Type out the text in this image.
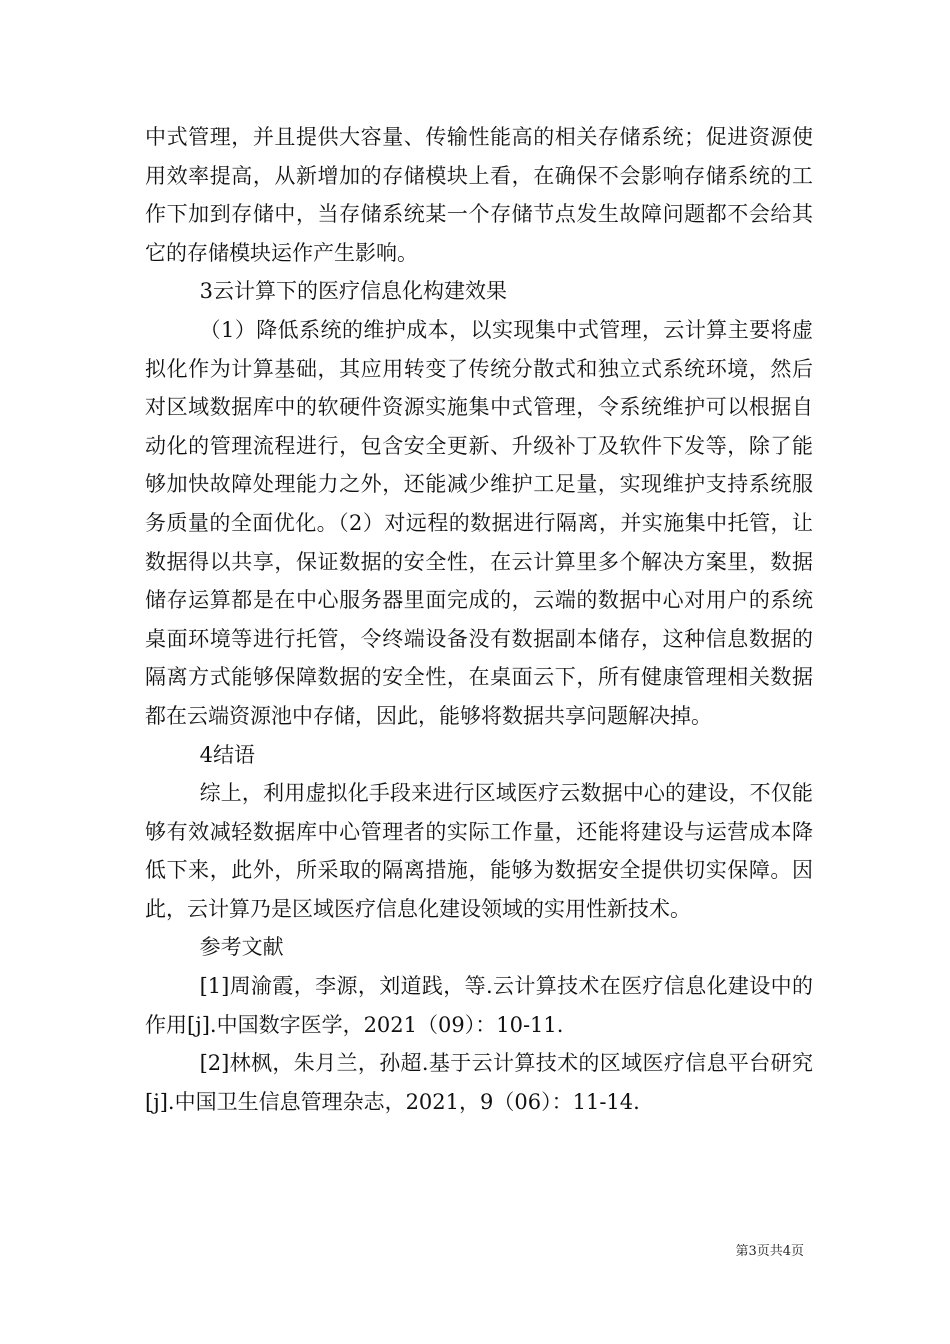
中式管理，并且提供大容量、传输性能高的相关存储系统；促进资源使用效率提高，从新增加的存储模块上看，在确保不会影响存储系统的工作下加到存储中，当存储系统某一个存储节点发生故障问题都不会给其它的存储模块运作产生影响。

3云计算下的医疗信息化构建效果

（1）降低系统的维护成本，以实现集中式管理，云计算主要将虚拟化作为计算基础，其应用转变了传统分散式和独立式系统环境，然后对区域数据库中的软硬件资源实施集中式管理，令系统维护可以根据自动化的管理流程进行，包含安全更新、升级补丁及软件下发等，除了能够加快故障处理能力之外，还能减少维护工足量，实现维护支持系统服务质量的全面优化。（2）对远程的数据进行隔离，并实施集中托管，让数据得以共享，保证数据的安全性，在云计算里多个解决方案里，数据储存运算都是在中心服务器里面完成的，云端的数据中心对用户的系统桌面环境等进行托管，令终端设备没有数据副本储存，这种信息数据的隔离方式能够保障数据的安全性，在桌面云下，所有健康管理相关数据都在云端资源池中存储，因此，能够将数据共享问题解决掉。

4结语

综上，利用虚拟化手段来进行区域医疗云数据中心的建设，不仅能够有效减轻数据库中心管理者的实际工作量，还能将建设与运营成本降低下来，此外，所采取的隔离措施，能够为数据安全提供切实保障。因此，云计算乃是区域医疗信息化建设领域的实用性新技术。

参考文献

[1]周渝霞，李源，刘道践，等.云计算技术在医疗信息化建设中的作用[j].中国数字医学，2021（09）：10-11.

[2]林枫，朱月兰，孙超.基于云计算技术的区域医疗信息平台研究[j].中国卫生信息管理杂志，2021，9（06）：11-14.

第3页共4页
